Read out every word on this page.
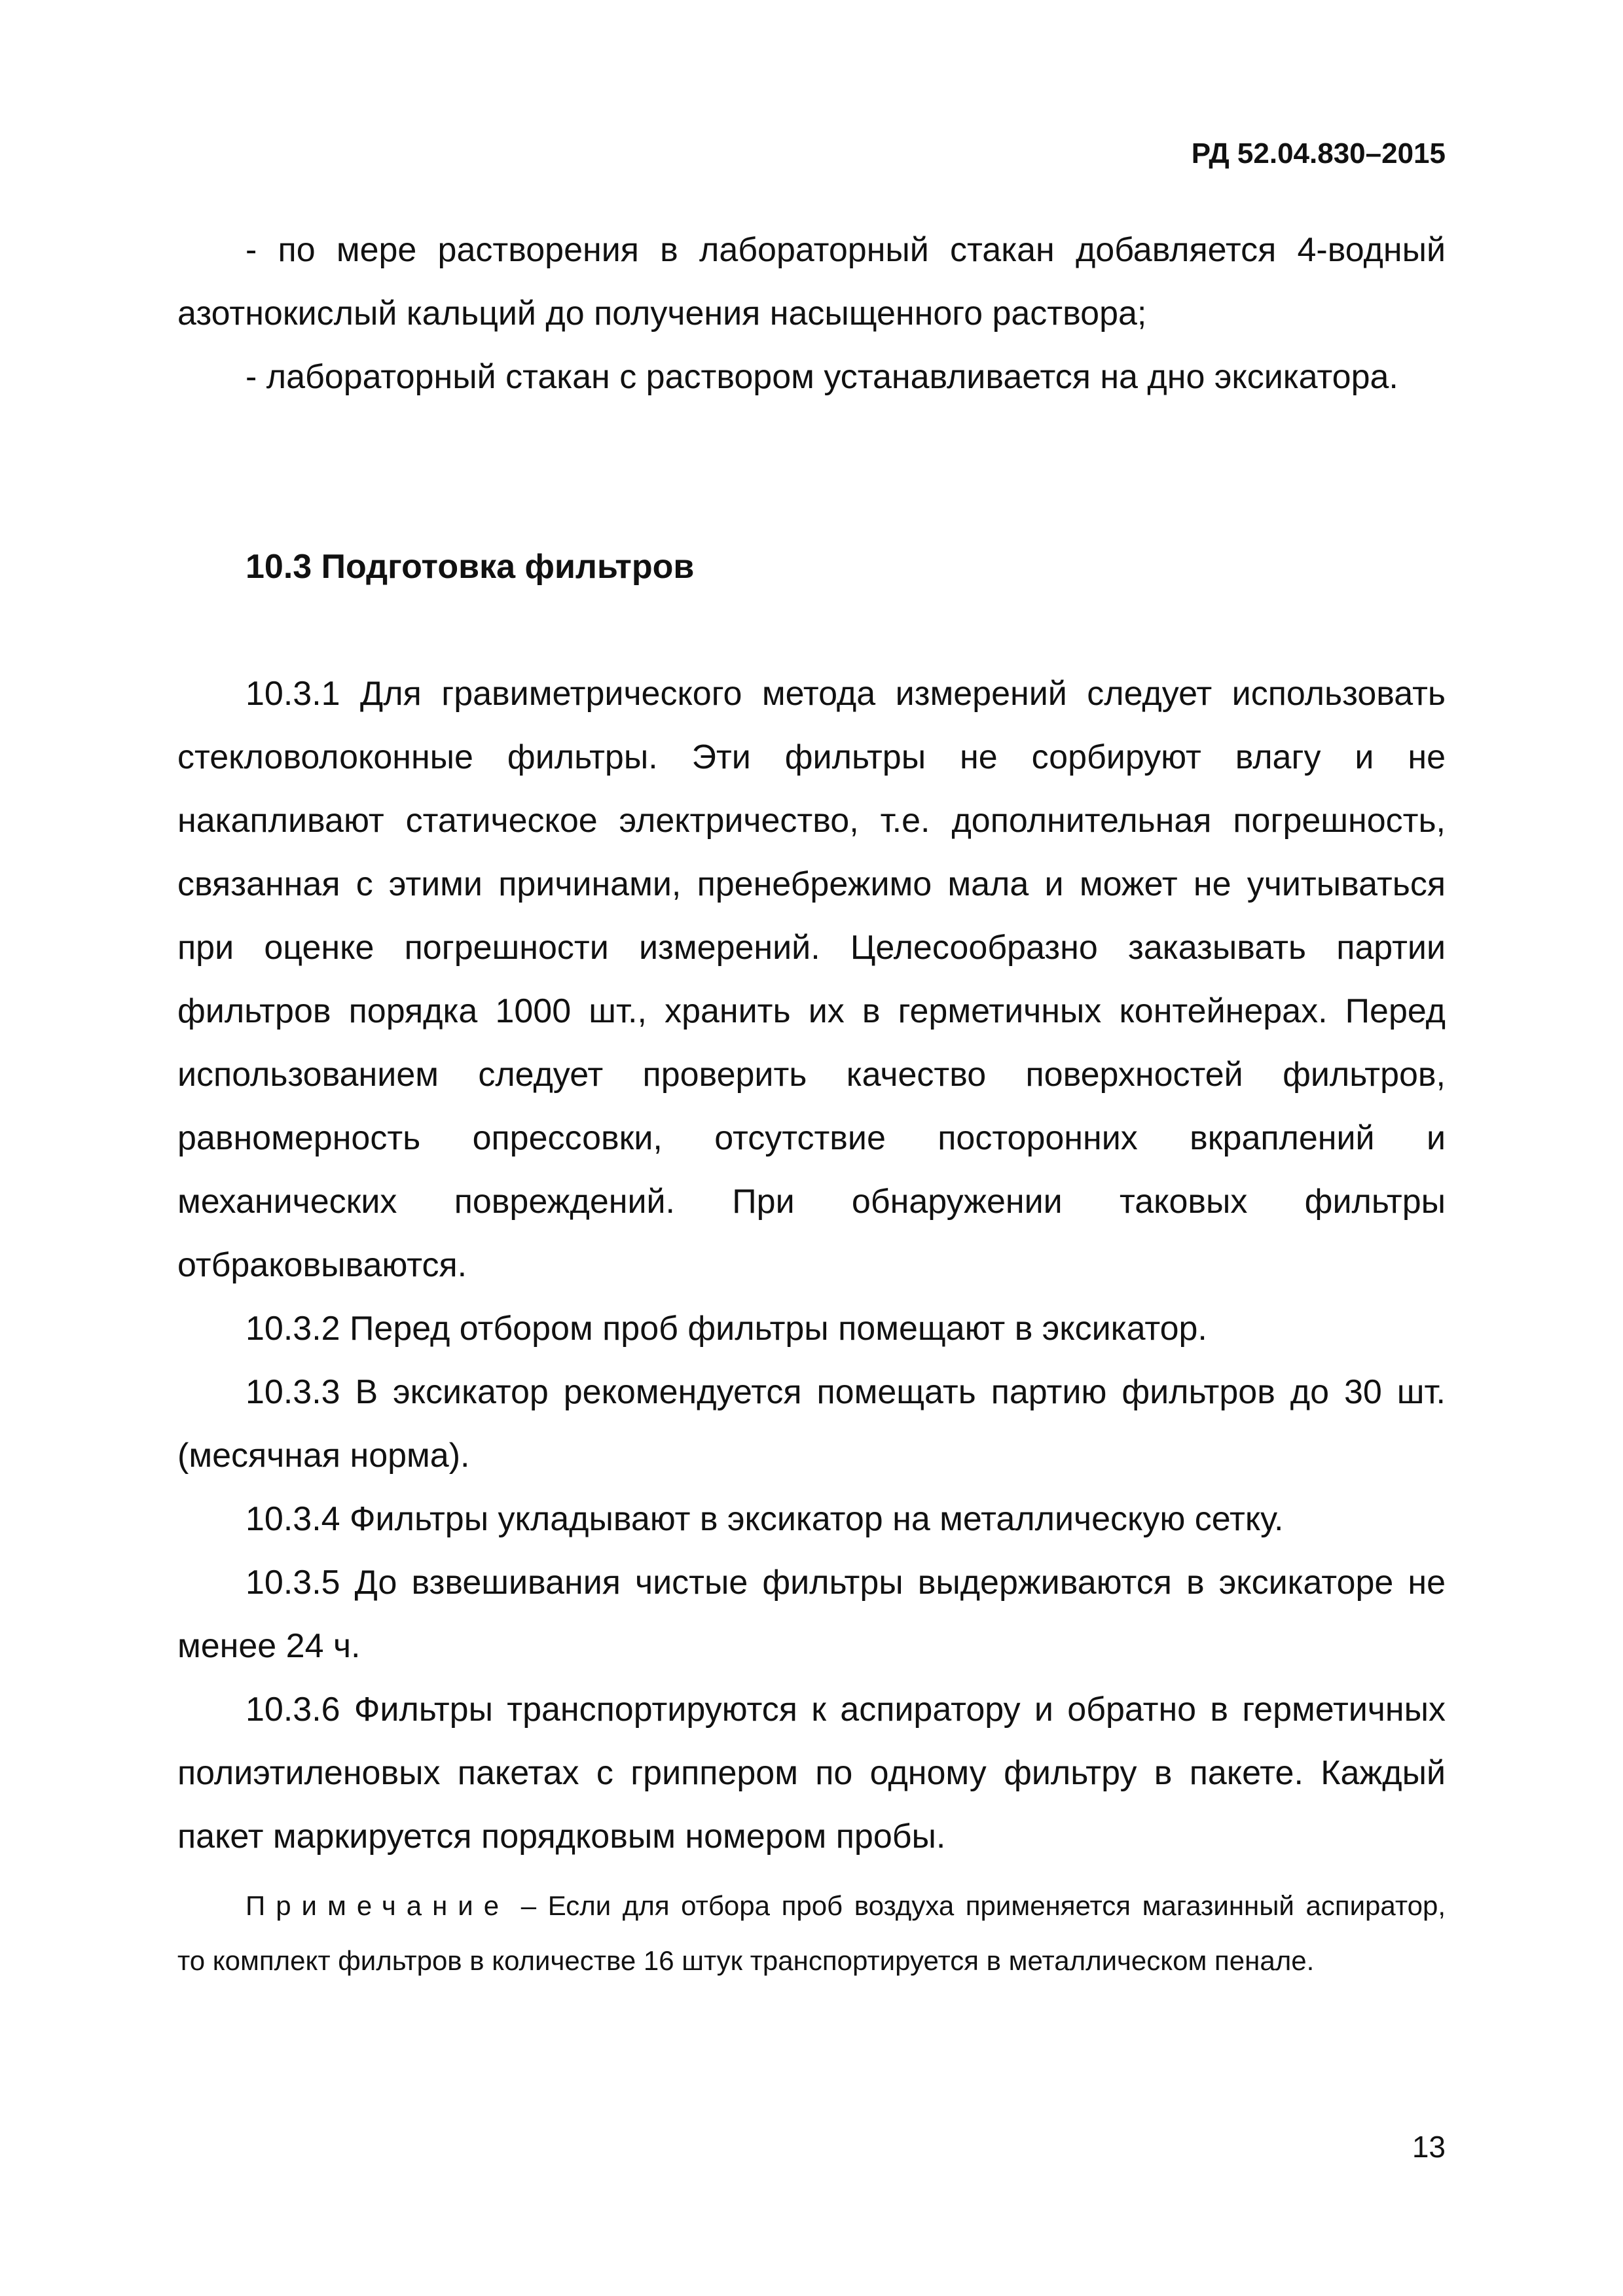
РД 52.04.830–2015

- по мере растворения в лабораторный стакан добавляется 4-водный азотнокислый кальций до получения насыщенного раствора;

- лабораторный стакан с раствором устанавливается на дно эксикатора.

10.3 Подготовка фильтров

10.3.1 Для гравиметрического метода измерений следует использовать стекловолоконные фильтры. Эти фильтры не сорбируют влагу и не накапливают статическое электричество, т.е. дополнительная погрешность, связанная с этими причинами, пренебрежимо мала и может не учитываться при оценке погрешности измерений. Целесообразно заказывать партии фильтров порядка 1000 шт., хранить их в герметичных контейнерах. Перед использованием следует проверить качество поверхностей фильтров, равномерность опрессовки, отсутствие посторонних вкраплений и механических повреждений. При обнаружении таковых фильтры отбраковываются.

10.3.2 Перед отбором проб фильтры помещают в эксикатор.

10.3.3 В эксикатор рекомендуется помещать партию фильтров до 30 шт. (месячная норма).

10.3.4 Фильтры укладывают в эксикатор на металлическую сетку.

10.3.5 До взвешивания чистые фильтры выдерживаются в эксикаторе не менее 24 ч.

10.3.6 Фильтры транспортируются к аспиратору и обратно в герметичных полиэтиленовых пакетах с гриппером по одному фильтру в пакете. Каждый пакет маркируется порядковым номером пробы.

Примечание – Если для отбора проб воздуха применяется магазинный аспиратор, то комплект фильтров в количестве 16 штук транспортируется в металлическом пенале.

13
